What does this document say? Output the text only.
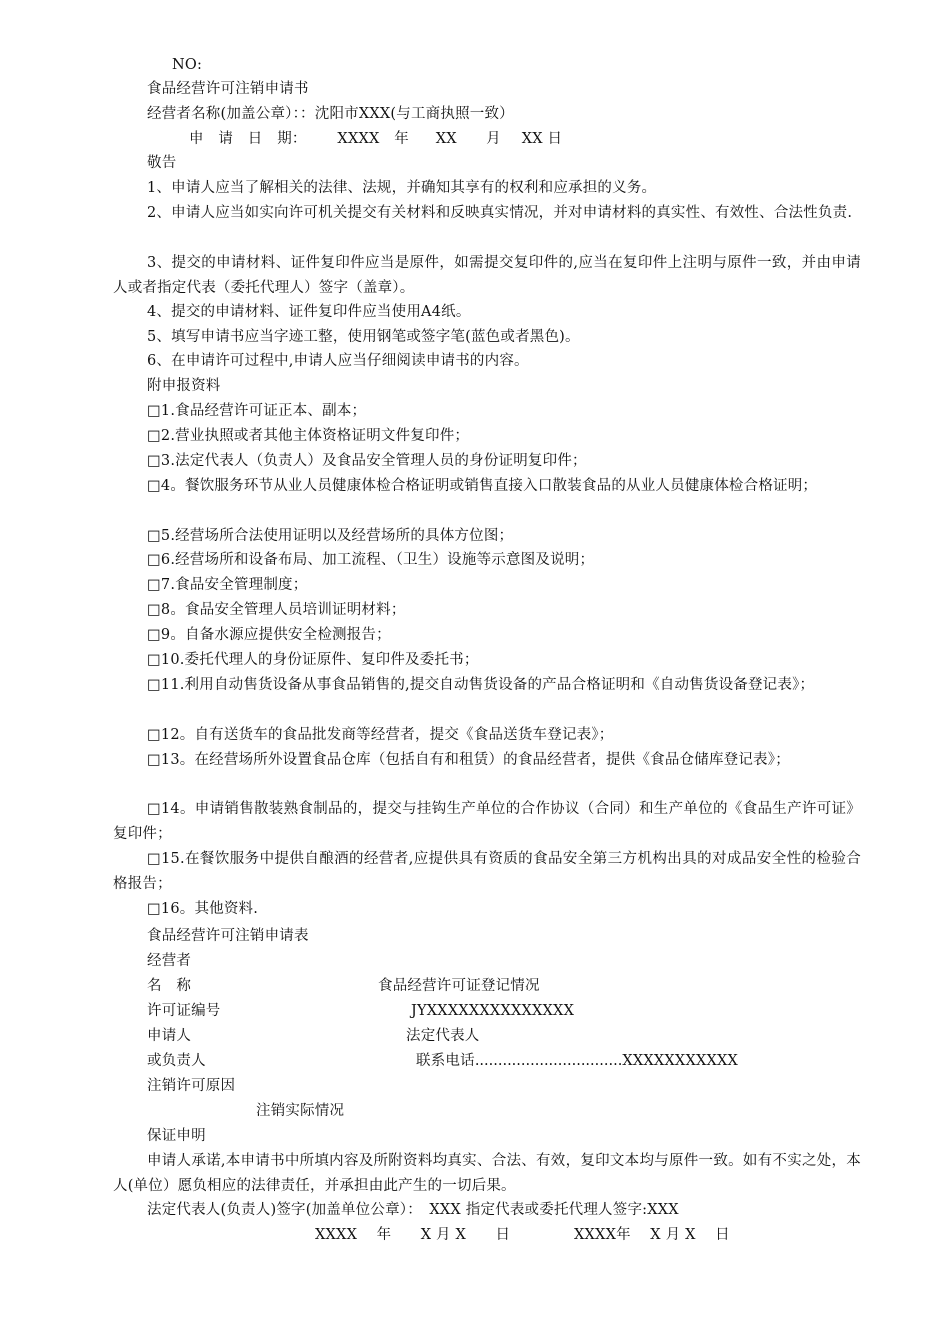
NO:
食品经营许可注销申请书
经营者名称(加盖公章）：：沈阳市XXX(与工商执照一致）
申　请　日　期： XXXX　年 XX　　月 XX 日
敬告
1、申请人应当了解相关的法律、法规，并确知其享有的权利和应承担的义务。
2、申请人应当如实向许可机关提交有关材料和反映真实情况，并对申请材料的真实性、有效性、合法性负责.
3、提交的申请材料、证件复印件应当是原件，如需提交复印件的,应当在复印件上注明与原件一致，并由申请人或者指定代表（委托代理人）签字（盖章）。
4、提交的申请材料、证件复印件应当使用A4纸。
5、填写申请书应当字迹工整，使用钢笔或签字笔(蓝色或者黑色)。
6、在申请许可过程中,申请人应当仔细阅读申请书的内容。
附申报资料
□1.食品经营许可证正本、副本；
□2.营业执照或者其他主体资格证明文件复印件；
□3.法定代表人（负责人）及食品安全管理人员的身份证明复印件；
□4。餐饮服务环节从业人员健康体检合格证明或销售直接入口散装食品的从业人员健康体检合格证明；
□5.经营场所合法使用证明以及经营场所的具体方位图；
□6.经营场所和设备布局、加工流程、（卫生）设施等示意图及说明；
□7.食品安全管理制度；
□8。食品安全管理人员培训证明材料；
□9。自备水源应提供安全检测报告；
□10.委托代理人的身份证原件、复印件及委托书；
□11.利用自动售货设备从事食品销售的,提交自动售货设备的产品合格证明和《自动售货设备登记表》；
□12。自有送货车的食品批发商等经营者，提交《食品送货车登记表》；
□13。在经营场所外设置食品仓库（包括自有和租赁）的食品经营者，提供《食品仓储库登记表》；
□14。申请销售散装熟食制品的，提交与挂钩生产单位的合作协议（合同）和生产单位的《食品生产许可证》复印件；
□15.在餐饮服务中提供自酿酒的经营者,应提供具有资质的食品安全第三方机构出具的对成品安全性的检验合格报告；
□16。其他资料.
食品经营许可注销申请表
经营者
名　称	食品经营许可证登记情况
许可证编号	JYXXXXXXXXXXXXXX
申请人	法定代表人
或负责人	联系电话................................XXXXXXXXXXX
注销许可原因
注销实际情况
保证申明
申请人承诺,本申请书中所填内容及所附资料均真实、合法、有效，复印文本均与原件一致。如有不实之处，本人(单位）愿负相应的法律责任，并承担由此产生的一切后果。
法定代表人(负责人)签字(加盖单位公章）：　XXX 指定代表或委托代理人签字:XXX
XXXX　 年　　X 月 X　　日	XXXX年　 X 月 X　 日
